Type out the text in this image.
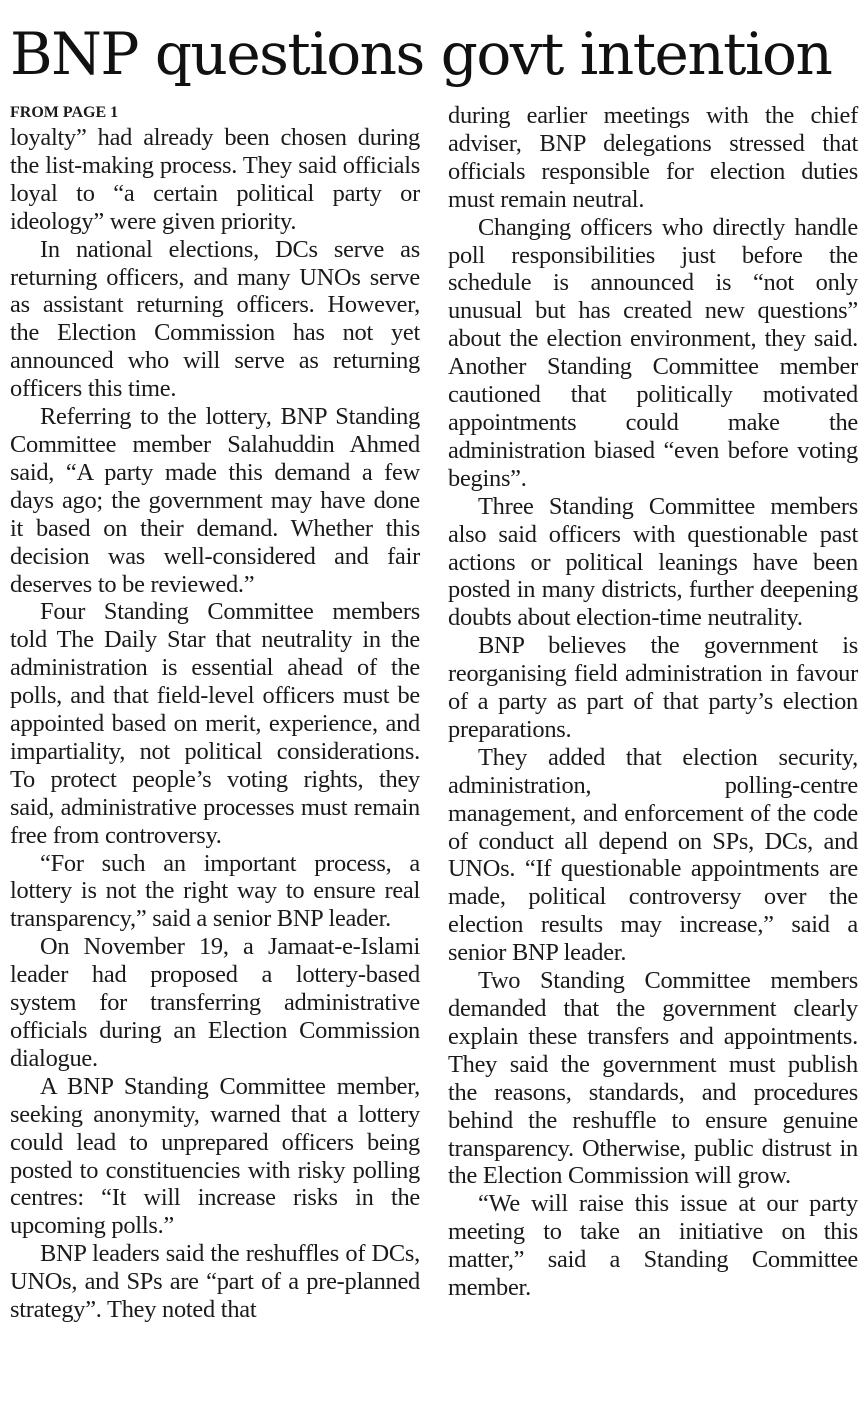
BNP questions govt intention
FROM PAGE 1

loyalty” had already been chosen during the list-making process. They said officials loyal to “a certain political party or ideology” were given priority.

In national elections, DCs serve as returning officers, and many UNOs serve as assistant returning officers. However, the Election Commission has not yet announced who will serve as returning officers this time.

Referring to the lottery, BNP Standing Committee member Salahuddin Ahmed said, “A party made this demand a few days ago; the government may have done it based on their demand. Whether this decision was well-considered and fair deserves to be reviewed.”

Four Standing Committee members told The Daily Star that neutrality in the administration is essential ahead of the polls, and that field-level officers must be appointed based on merit, experience, and impartiality, not political considerations. To protect people’s voting rights, they said, administrative processes must remain free from controversy.

“For such an important process, a lottery is not the right way to ensure real transparency,” said a senior BNP leader.

On November 19, a Jamaat-e-Islami leader had proposed a lottery-based system for transferring administrative officials during an Election Commission dialogue.

A BNP Standing Committee member, seeking anonymity, warned that a lottery could lead to unprepared officers being posted to constituencies with risky polling centres: “It will increase risks in the upcoming polls.”

BNP leaders said the reshuffles of DCs, UNOs, and SPs are “part of a pre-planned strategy”. They noted that

during earlier meetings with the chief adviser, BNP delegations stressed that officials responsible for election duties must remain neutral.

Changing officers who directly handle poll responsibilities just before the schedule is announced is “not only unusual but has created new questions” about the election environment, they said. Another Standing Committee member cautioned that politically motivated appointments could make the administration biased “even before voting begins”.

Three Standing Committee members also said officers with questionable past actions or political leanings have been posted in many districts, further deepening doubts about election-time neutrality.

BNP believes the government is reorganising field administration in favour of a party as part of that party’s election preparations.

They added that election security, administration, polling-centre management, and enforcement of the code of conduct all depend on SPs, DCs, and UNOs. “If questionable appointments are made, political controversy over the election results may increase,” said a senior BNP leader.

Two Standing Committee members demanded that the government clearly explain these transfers and appointments. They said the government must publish the reasons, standards, and procedures behind the reshuffle to ensure genuine transparency. Otherwise, public distrust in the Election Commission will grow.

“We will raise this issue at our party meeting to take an initiative on this matter,” said a Standing Committee member.
